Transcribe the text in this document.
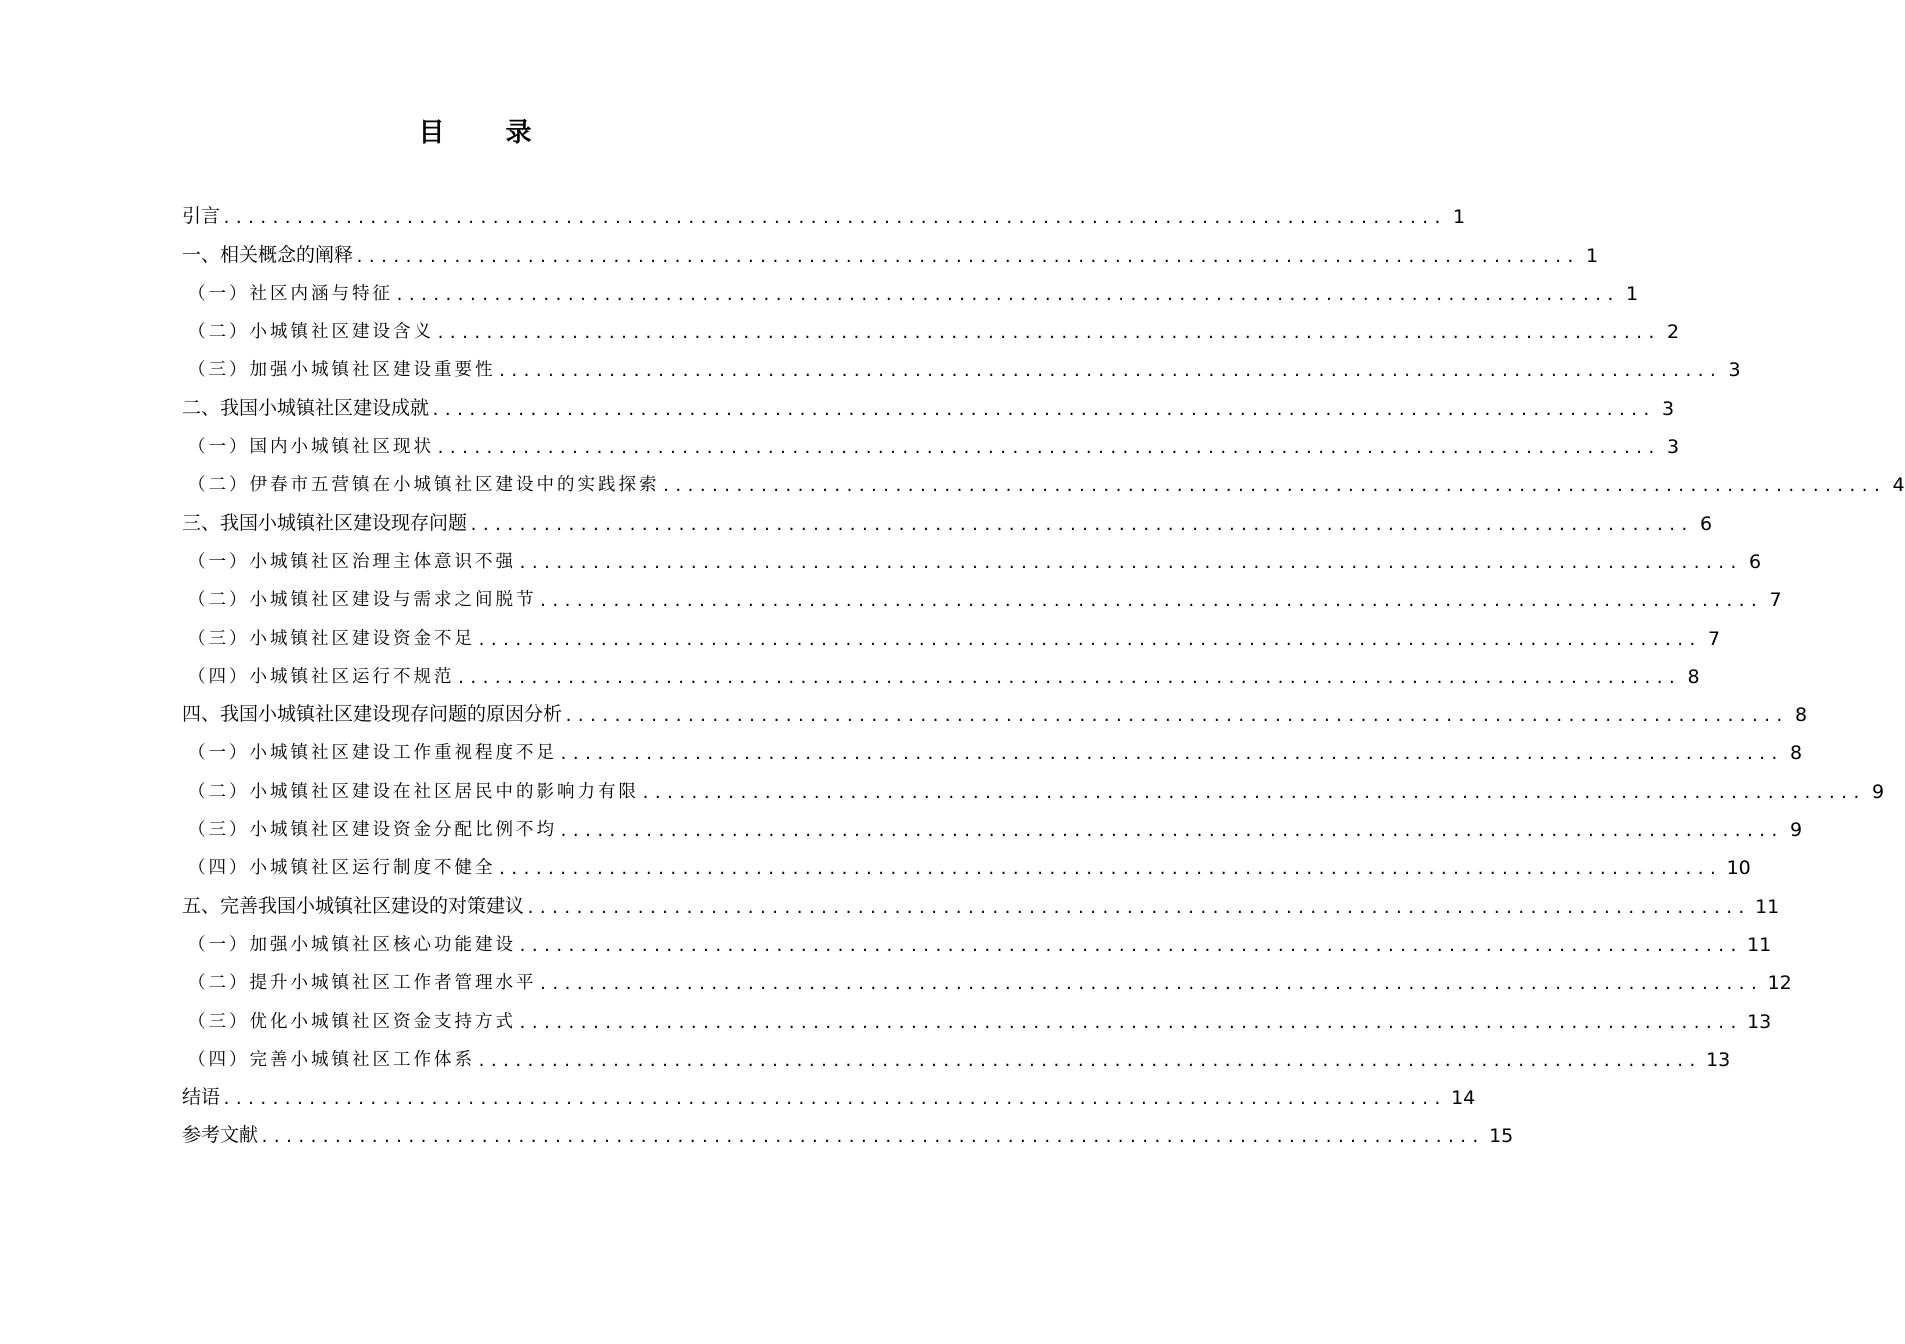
目 录
引言 .................................................................................................... 1
一、相关概念的阐释 .................................................................................................... 1
（一）社区内涵与特征 .................................................................................................... 1
（二）小城镇社区建设含义 .................................................................................................... 2
（三）加强小城镇社区建设重要性 .................................................................................................... 3
二、我国小城镇社区建设成就 .................................................................................................... 3
（一）国内小城镇社区现状 .................................................................................................... 3
（二）伊春市五营镇在小城镇社区建设中的实践探索 .................................................................................................... 4
三、我国小城镇社区建设现存问题 .................................................................................................... 6
（一）小城镇社区治理主体意识不强 .................................................................................................... 6
（二）小城镇社区建设与需求之间脱节 .................................................................................................... 7
（三）小城镇社区建设资金不足 .................................................................................................... 7
（四）小城镇社区运行不规范 .................................................................................................... 8
四、我国小城镇社区建设现存问题的原因分析 .................................................................................................... 8
（一）小城镇社区建设工作重视程度不足 .................................................................................................... 8
（二）小城镇社区建设在社区居民中的影响力有限 .................................................................................................... 9
（三）小城镇社区建设资金分配比例不均 .................................................................................................... 9
（四）小城镇社区运行制度不健全 .................................................................................................... 10
五、完善我国小城镇社区建设的对策建议 .................................................................................................... 11
（一）加强小城镇社区核心功能建设 .................................................................................................... 11
（二）提升小城镇社区工作者管理水平 .................................................................................................... 12
（三）优化小城镇社区资金支持方式 .................................................................................................... 13
（四）完善小城镇社区工作体系 .................................................................................................... 13
结语 .................................................................................................... 14
参考文献 .................................................................................................... 15
